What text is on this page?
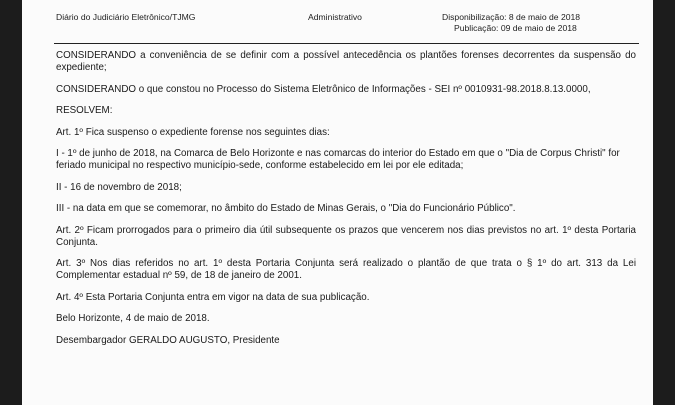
Diário do Judiciário Eletrônico/TJMG	Administrativo	Disponibilização: 8 de maio de 2018
Publicação: 09 de maio de 2018

CONSIDERANDO a conveniência de se definir com a possível antecedência os plantões forenses decorrentes da suspensão do expediente;

CONSIDERANDO o que constou no Processo do Sistema Eletrônico de Informações - SEI nº 0010931-98.2018.8.13.0000,

RESOLVEM:

Art. 1º Fica suspenso o expediente forense nos seguintes dias:

I - 1º de junho de 2018, na Comarca de Belo Horizonte e nas comarcas do interior do Estado em que o "Dia de Corpus Christi" for feriado municipal no respectivo município-sede, conforme estabelecido em lei por ele editada;

II - 16 de novembro de 2018;

III - na data em que se comemorar, no âmbito do Estado de Minas Gerais, o "Dia do Funcionário Público".

Art. 2º Ficam prorrogados para o primeiro dia útil subsequente os prazos que vencerem nos dias previstos no art. 1º desta Portaria Conjunta.

Art. 3º Nos dias referidos no art. 1º desta Portaria Conjunta será realizado o plantão de que trata o § 1º do art. 313 da Lei Complementar estadual nº 59, de 18 de janeiro de 2001.

Art. 4º Esta Portaria Conjunta entra em vigor na data de sua publicação.

Belo Horizonte, 4 de maio de 2018.

Desembargador GERALDO AUGUSTO, Presidente
